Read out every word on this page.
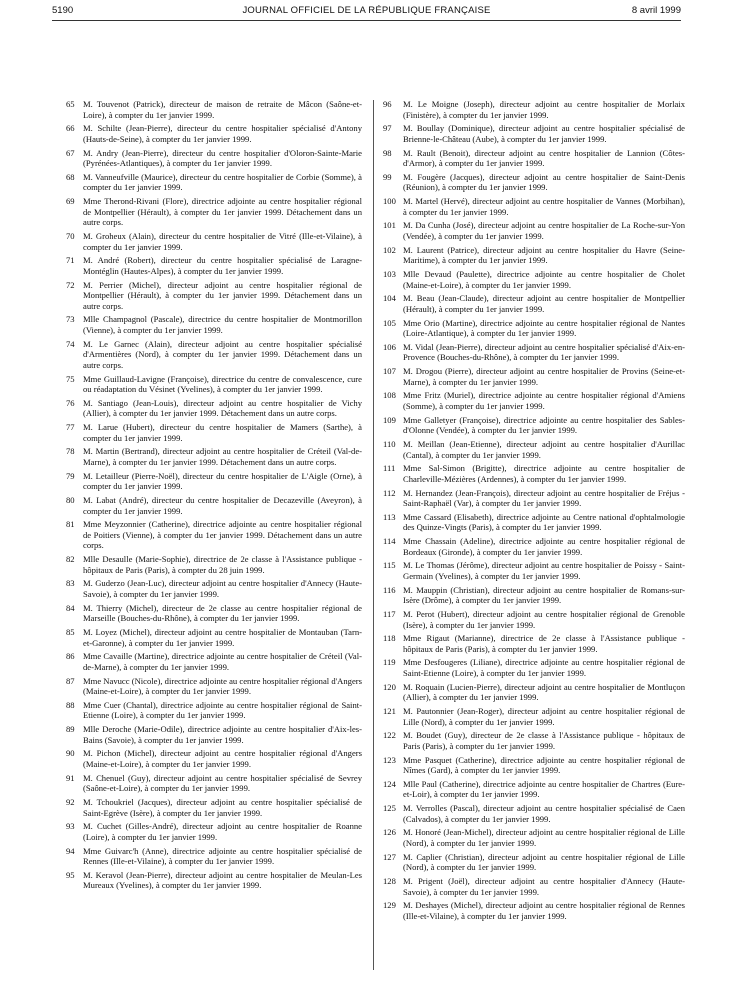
5190	JOURNAL OFFICIEL DE LA RÉPUBLIQUE FRANÇAISE	8 avril 1999

65 M. Touvenot (Patrick), directeur de maison de retraite de Mâcon (Saône-et-Loire), à compter du 1er janvier 1999.

66 M. Schilte (Jean-Pierre), directeur du centre hospitalier spécialisé d'Antony (Hauts-de-Seine), à compter du 1er janvier 1999.

67 M. Andry (Jean-Pierre), directeur du centre hospitalier d'Oloron-Sainte-Marie (Pyrénées-Atlantiques), à compter du 1er janvier 1999.

68 M. Vanneufville (Maurice), directeur du centre hospitalier de Corbie (Somme), à compter du 1er janvier 1999.

69 Mme Therond-Rivani (Flore), directrice adjointe au centre hospitalier régional de Montpellier (Hérault), à compter du 1er janvier 1999. Détachement dans un autre corps.

70 M. Groheux (Alain), directeur du centre hospitalier de Vitré (Ille-et-Vilaine), à compter du 1er janvier 1999.

71 M. André (Robert), directeur du centre hospitalier spécialisé de Laragne-Montéglin (Hautes-Alpes), à compter du 1er janvier 1999.

72 M. Perrier (Michel), directeur adjoint au centre hospitalier régional de Montpellier (Hérault), à compter du 1er janvier 1999. Détachement dans un autre corps.

73 Mlle Champagnol (Pascale), directrice du centre hospitalier de Montmorillon (Vienne), à compter du 1er janvier 1999.

74 M. Le Garnec (Alain), directeur adjoint au centre hospitalier spécialisé d'Armentières (Nord), à compter du 1er janvier 1999. Détachement dans un autre corps.

75 Mme Guillaud-Lavigne (Françoise), directrice du centre de convalescence, cure ou réadaptation du Vésinet (Yvelines), à compter du 1er janvier 1999.

76 M. Santiago (Jean-Louis), directeur adjoint au centre hospitalier de Vichy (Allier), à compter du 1er janvier 1999. Détachement dans un autre corps.

77 M. Larue (Hubert), directeur du centre hospitalier de Mamers (Sarthe), à compter du 1er janvier 1999.

78 M. Martin (Bertrand), directeur adjoint au centre hospitalier de Créteil (Val-de-Marne), à compter du 1er janvier 1999. Détachement dans un autre corps.

79 M. Letailleur (Pierre-Noël), directeur du centre hospitalier de L'Aigle (Orne), à compter du 1er janvier 1999.

80 M. Labat (André), directeur du centre hospitalier de Decazeville (Aveyron), à compter du 1er janvier 1999.

81 Mme Meyzonnier (Catherine), directrice adjointe au centre hospitalier régional de Poitiers (Vienne), à compter du 1er janvier 1999. Détachement dans un autre corps.

82 Mlle Desaulle (Marie-Sophie), directrice de 2e classe à l'Assistance publique - hôpitaux de Paris (Paris), à compter du 28 juin 1999.

83 M. Guderzo (Jean-Luc), directeur adjoint au centre hospitalier d'Annecy (Haute-Savoie), à compter du 1er janvier 1999.

84 M. Thierry (Michel), directeur de 2e classe au centre hospitalier régional de Marseille (Bouches-du-Rhône), à compter du 1er janvier 1999.

85 M. Loyez (Michel), directeur adjoint au centre hospitalier de Montauban (Tarn-et-Garonne), à compter du 1er janvier 1999.

86 Mme Cavaille (Martine), directrice adjointe au centre hospitalier de Créteil (Val-de-Marne), à compter du 1er janvier 1999.

87 Mme Navucc (Nicole), directrice adjointe au centre hospitalier régional d'Angers (Maine-et-Loire), à compter du 1er janvier 1999.

88 Mme Cuer (Chantal), directrice adjointe au centre hospitalier régional de Saint-Etienne (Loire), à compter du 1er janvier 1999.

89 Mlle Deroche (Marie-Odile), directrice adjointe au centre hospitalier d'Aix-les-Bains (Savoie), à compter du 1er janvier 1999.

90 M. Pichon (Michel), directeur adjoint au centre hospitalier régional d'Angers (Maine-et-Loire), à compter du 1er janvier 1999.

91 M. Chenuel (Guy), directeur adjoint au centre hospitalier spécialisé de Sevrey (Saône-et-Loire), à compter du 1er janvier 1999.

92 M. Tchoukriel (Jacques), directeur adjoint au centre hospitalier spécialisé de Saint-Egrève (Isère), à compter du 1er janvier 1999.

93 M. Cuchet (Gilles-André), directeur adjoint au centre hospitalier de Roanne (Loire), à compter du 1er janvier 1999.

94 Mme Guivarc'h (Anne), directrice adjointe au centre hospitalier spécialisé de Rennes (Ille-et-Vilaine), à compter du 1er janvier 1999.

95 M. Keravol (Jean-Pierre), directeur adjoint au centre hospitalier de Meulan-Les Mureaux (Yvelines), à compter du 1er janvier 1999.

96 M. Le Moigne (Joseph), directeur adjoint au centre hospitalier de Morlaix (Finistère), à compter du 1er janvier 1999.

97 M. Boullay (Dominique), directeur adjoint au centre hospitalier spécialisé de Brienne-le-Château (Aube), à compter du 1er janvier 1999.

98 M. Rault (Benoit), directeur adjoint au centre hospitalier de Lannion (Côtes-d'Armor), à compter du 1er janvier 1999.

99 M. Fougère (Jacques), directeur adjoint au centre hospitalier de Saint-Denis (Réunion), à compter du 1er janvier 1999.

100 M. Martel (Hervé), directeur adjoint au centre hospitalier de Vannes (Morbihan), à compter du 1er janvier 1999.

101 M. Da Cunha (José), directeur adjoint au centre hospitalier de La Roche-sur-Yon (Vendée), à compter du 1er janvier 1999.

102 M. Laurent (Patrice), directeur adjoint au centre hospitalier du Havre (Seine-Maritime), à compter du 1er janvier 1999.

103 Mlle Devaud (Paulette), directrice adjointe au centre hospitalier de Cholet (Maine-et-Loire), à compter du 1er janvier 1999.

104 M. Beau (Jean-Claude), directeur adjoint au centre hospitalier de Montpellier (Hérault), à compter du 1er janvier 1999.

105 Mme Orio (Martine), directrice adjointe au centre hospitalier régional de Nantes (Loire-Atlantique), à compter du 1er janvier 1999.

106 M. Vidal (Jean-Pierre), directeur adjoint au centre hospitalier spécialisé d'Aix-en-Provence (Bouches-du-Rhône), à compter du 1er janvier 1999.

107 M. Drogou (Pierre), directeur adjoint au centre hospitalier de Provins (Seine-et-Marne), à compter du 1er janvier 1999.

108 Mme Fritz (Muriel), directrice adjointe au centre hospitalier régional d'Amiens (Somme), à compter du 1er janvier 1999.

109 Mme Galletyer (Françoise), directrice adjointe au centre hospitalier des Sables-d'Olonne (Vendée), à compter du 1er janvier 1999.

110 M. Meillan (Jean-Etienne), directeur adjoint au centre hospitalier d'Aurillac (Cantal), à compter du 1er janvier 1999.

111 Mme Sal-Simon (Brigitte), directrice adjointe au centre hospitalier de Charleville-Mézières (Ardennes), à compter du 1er janvier 1999.

112 M. Hernandez (Jean-François), directeur adjoint au centre hospitalier de Fréjus - Saint-Raphaël (Var), à compter du 1er janvier 1999.

113 Mme Cassard (Elisabeth), directrice adjointe au Centre national d'ophtalmologie des Quinze-Vingts (Paris), à compter du 1er janvier 1999.

114 Mme Chassain (Adeline), directrice adjointe au centre hospitalier régional de Bordeaux (Gironde), à compter du 1er janvier 1999.

115 M. Le Thomas (Jérôme), directeur adjoint au centre hospitalier de Poissy - Saint-Germain (Yvelines), à compter du 1er janvier 1999.

116 M. Mauppin (Christian), directeur adjoint au centre hospitalier de Romans-sur-Isère (Drôme), à compter du 1er janvier 1999.

117 M. Perot (Hubert), directeur adjoint au centre hospitalier régional de Grenoble (Isère), à compter du 1er janvier 1999.

118 Mme Rigaut (Marianne), directrice de 2e classe à l'Assistance publique - hôpitaux de Paris (Paris), à compter du 1er janvier 1999.

119 Mme Desfougeres (Liliane), directrice adjointe au centre hospitalier régional de Saint-Etienne (Loire), à compter du 1er janvier 1999.

120 M. Roquain (Lucien-Pierre), directeur adjoint au centre hospitalier de Montluçon (Allier), à compter du 1er janvier 1999.

121 M. Pautonnier (Jean-Roger), directeur adjoint au centre hospitalier régional de Lille (Nord), à compter du 1er janvier 1999.

122 M. Boudet (Guy), directeur de 2e classe à l'Assistance publique - hôpitaux de Paris (Paris), à compter du 1er janvier 1999.

123 Mme Pasquet (Catherine), directrice adjointe au centre hospitalier régional de Nîmes (Gard), à compter du 1er janvier 1999.

124 Mlle Paul (Catherine), directrice adjointe au centre hospitalier de Chartres (Eure-et-Loir), à compter du 1er janvier 1999.

125 M. Verrolles (Pascal), directeur adjoint au centre hospitalier spécialisé de Caen (Calvados), à compter du 1er janvier 1999.

126 M. Honoré (Jean-Michel), directeur adjoint au centre hospitalier régional de Lille (Nord), à compter du 1er janvier 1999.

127 M. Caplier (Christian), directeur adjoint au centre hospitalier régional de Lille (Nord), à compter du 1er janvier 1999.

128 M. Prigent (Joël), directeur adjoint au centre hospitalier d'Annecy (Haute-Savoie), à compter du 1er janvier 1999.

129 M. Deshayes (Michel), directeur adjoint au centre hospitalier régional de Rennes (Ille-et-Vilaine), à compter du 1er janvier 1999.
